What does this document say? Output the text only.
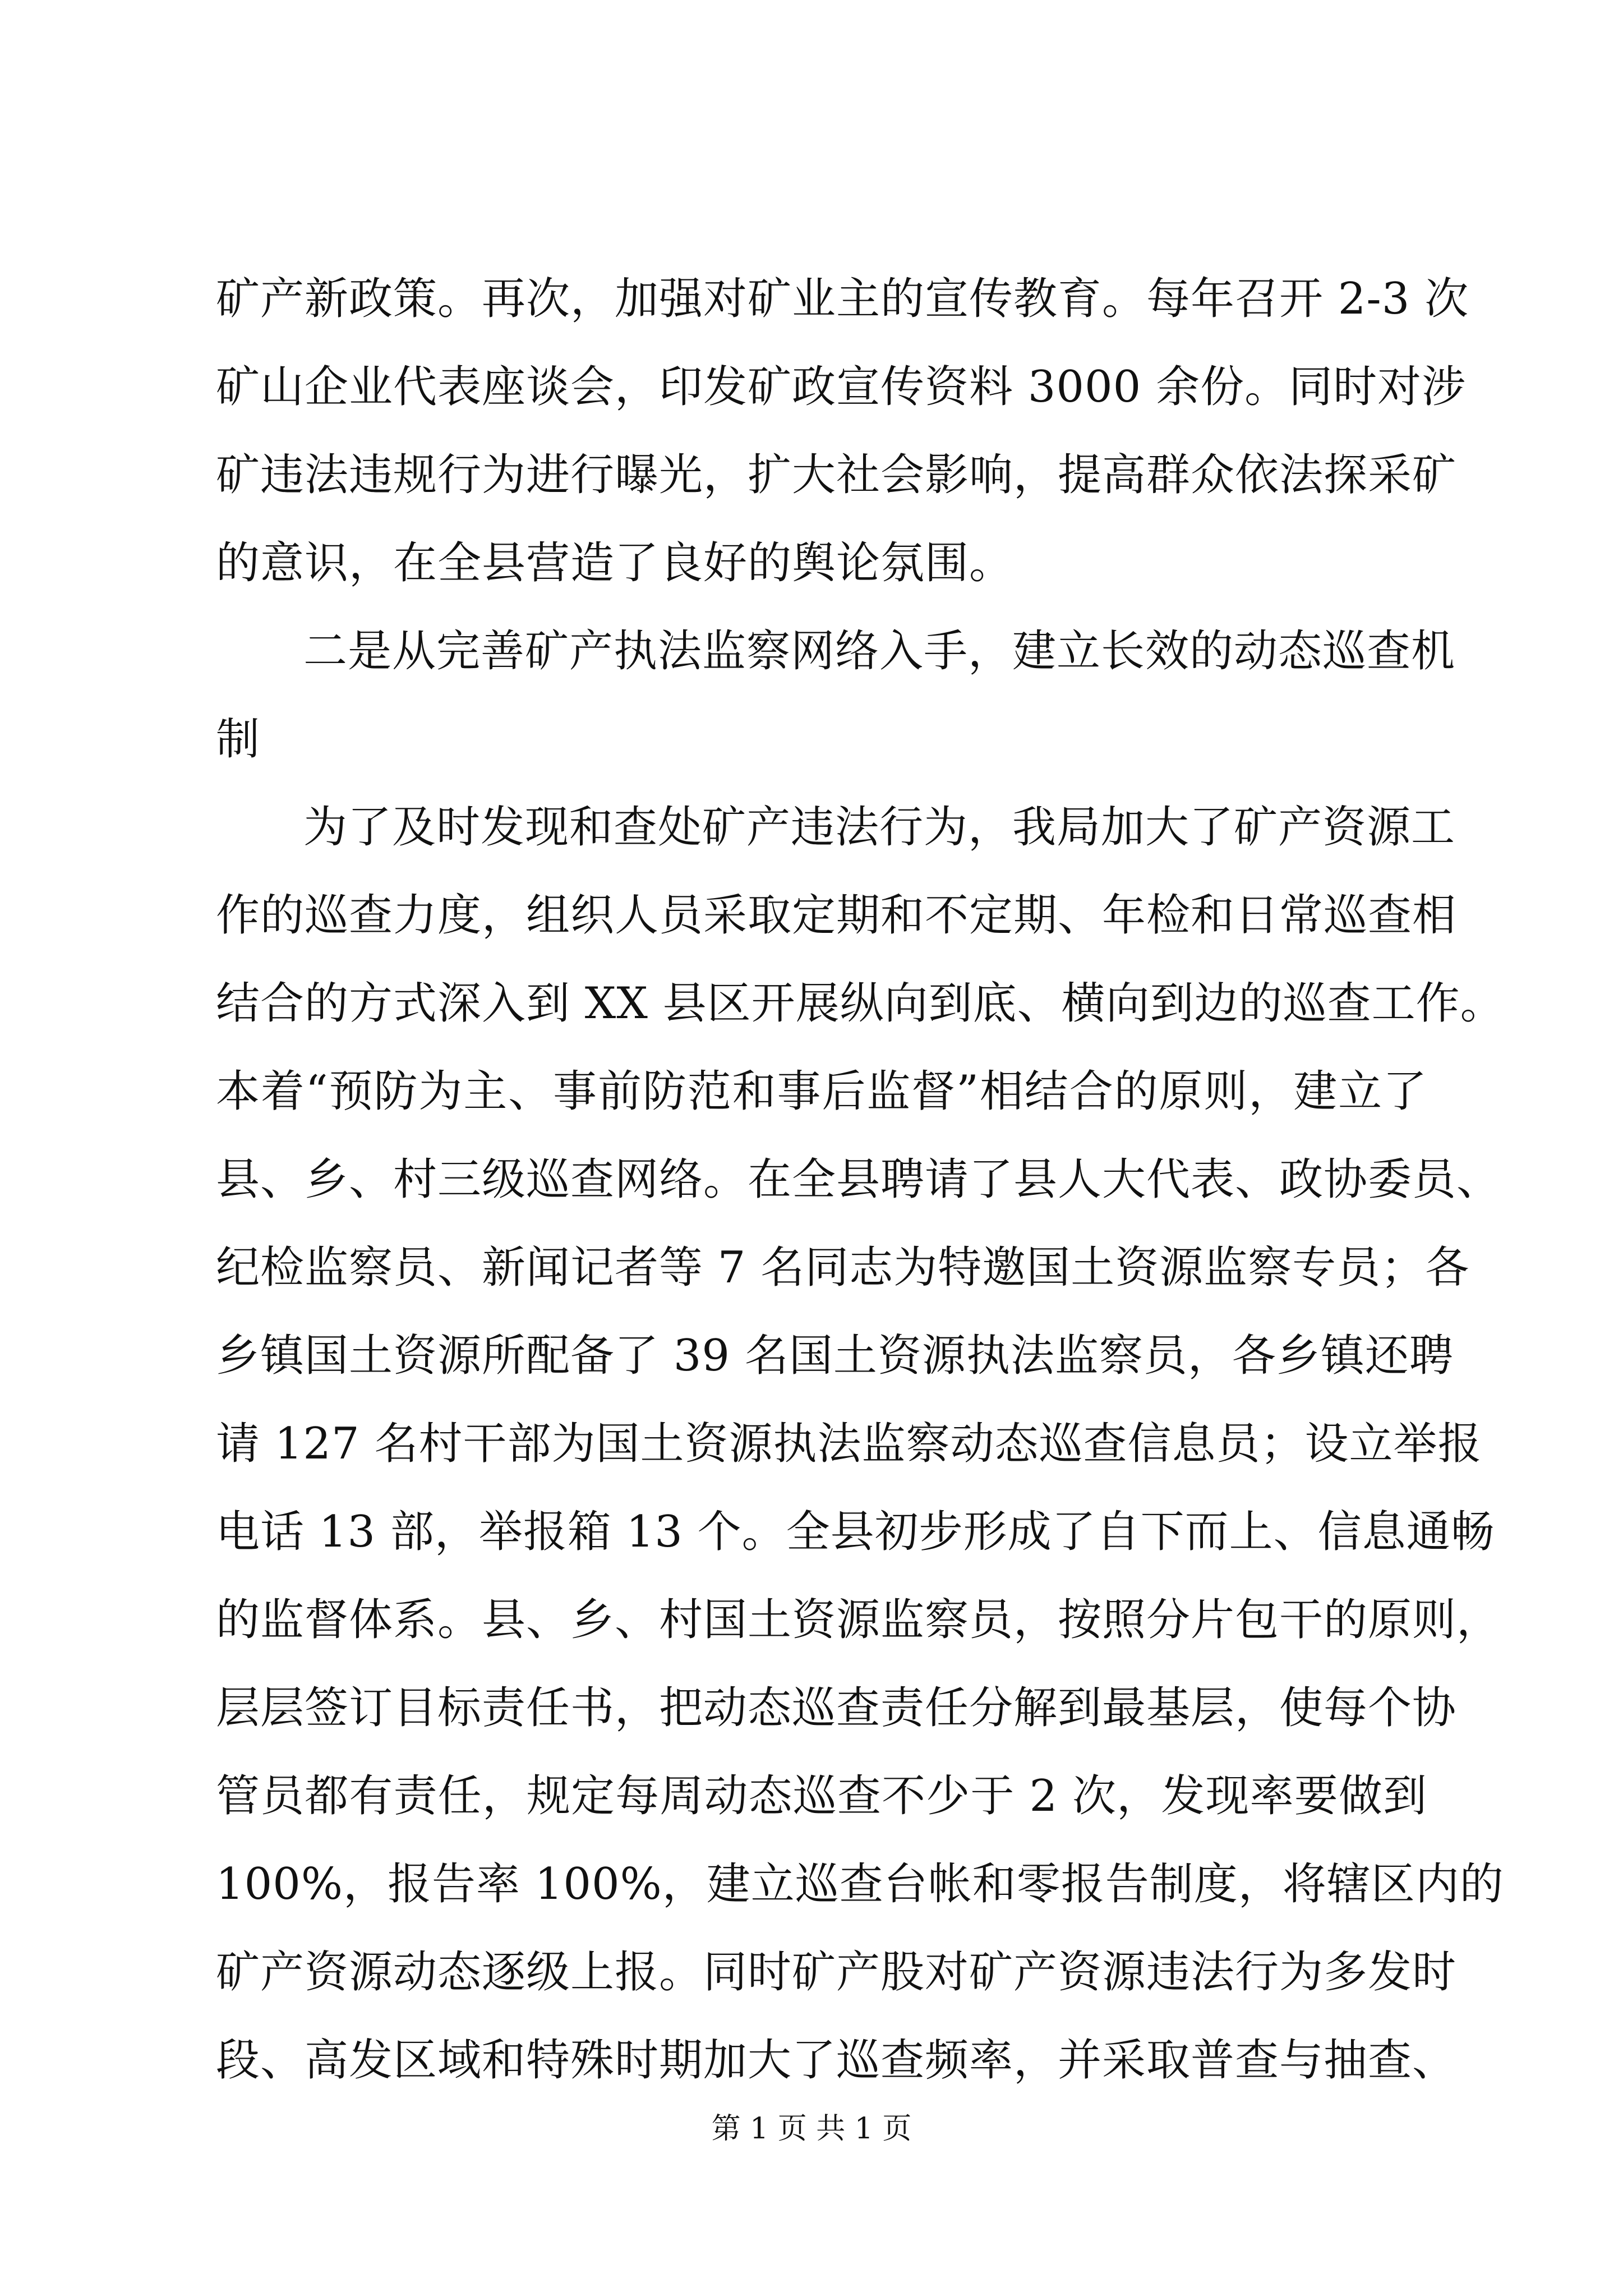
矿产新政策。再次，加强对矿业主的宣传教育。每年召开 2-3 次
矿山企业代表座谈会，印发矿政宣传资料 3000 余份。同时对涉
矿违法违规行为进行曝光，扩大社会影响，提高群众依法探采矿
的意识，在全县营造了良好的舆论氛围。
二是从完善矿产执法监察网络入手，建立长效的动态巡查机
制
为了及时发现和查处矿产违法行为，我局加大了矿产资源工
作的巡查力度，组织人员采取定期和不定期、年检和日常巡查相
结合的方式深入到 XX 县区开展纵向到底、横向到边的巡查工作。
本着“预防为主、事前防范和事后监督”相结合的原则，建立了
县、乡、村三级巡查网络。在全县聘请了县人大代表、政协委员、
纪检监察员、新闻记者等 7 名同志为特邀国土资源监察专员；各
乡镇国土资源所配备了 39 名国土资源执法监察员，各乡镇还聘
请 127 名村干部为国土资源执法监察动态巡查信息员；设立举报
电话 13 部，举报箱 13 个。全县初步形成了自下而上、信息通畅
的监督体系。县、乡、村国土资源监察员，按照分片包干的原则，
层层签订目标责任书，把动态巡查责任分解到最基层，使每个协
管员都有责任，规定每周动态巡查不少于 2 次，发现率要做到
100%，报告率 100%，建立巡查台帐和零报告制度，将辖区内的
矿产资源动态逐级上报。同时矿产股对矿产资源违法行为多发时
段、高发区域和特殊时期加大了巡查频率，并采取普查与抽查、
第 1 页 共 1 页
